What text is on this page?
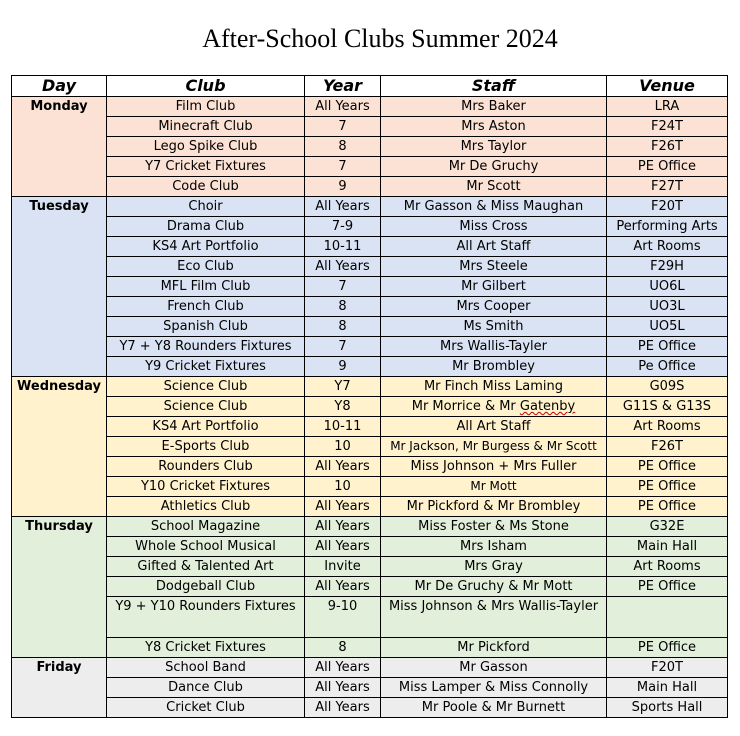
After-School Clubs Summer 2024
Day	Club	Year	Staff	Venue
Monday	Film Club	All Years	Mrs Baker	LRA
	Minecraft Club	7	Mrs Aston	F24T
	Lego Spike Club	8	Mrs Taylor	F26T
	Y7 Cricket Fixtures	7	Mr De Gruchy	PE Office
	Code Club	9	Mr Scott	F27T
Tuesday	Choir	All Years	Mr Gasson & Miss Maughan	F20T
	Drama Club	7-9	Miss Cross	Performing Arts
	KS4 Art Portfolio	10-11	All Art Staff	Art Rooms
	Eco Club	All Years	Mrs Steele	F29H
	MFL Film Club	7	Mr Gilbert	UO6L
	French Club	8	Mrs Cooper	UO3L
	Spanish Club	8	Ms Smith	UO5L
	Y7 + Y8 Rounders Fixtures	7	Mrs Wallis-Tayler	PE Office
	Y9 Cricket Fixtures	9	Mr Brombley	Pe Office
Wednesday	Science Club	Y7	Mr Finch Miss Laming	G09S
	Science Club	Y8	Mr Morrice & Mr Gatenby	G11S & G13S
	KS4 Art Portfolio	10-11	All Art Staff	Art Rooms
	E-Sports Club	10	Mr Jackson, Mr Burgess & Mr Scott	F26T
	Rounders Club	All Years	Miss Johnson + Mrs Fuller	PE Office
	Y10 Cricket Fixtures	10	Mr Mott	PE Office
	Athletics Club	All Years	Mr Pickford & Mr Brombley	PE Office
Thursday	School Magazine	All Years	Miss Foster & Ms Stone	G32E
	Whole School Musical	All Years	Mrs Isham	Main Hall
	Gifted & Talented Art	Invite	Mrs Gray	Art Rooms
	Dodgeball Club	All Years	Mr De Gruchy & Mr Mott	PE Office
	Y9 + Y10 Rounders Fixtures	9-10	Miss Johnson & Mrs Wallis-Tayler	
	Y8 Cricket Fixtures	8	Mr Pickford	PE Office
Friday	School Band	All Years	Mr Gasson	F20T
	Dance Club	All Years	Miss Lamper & Miss Connolly	Main Hall
	Cricket Club	All Years	Mr Poole & Mr Burnett	Sports Hall
